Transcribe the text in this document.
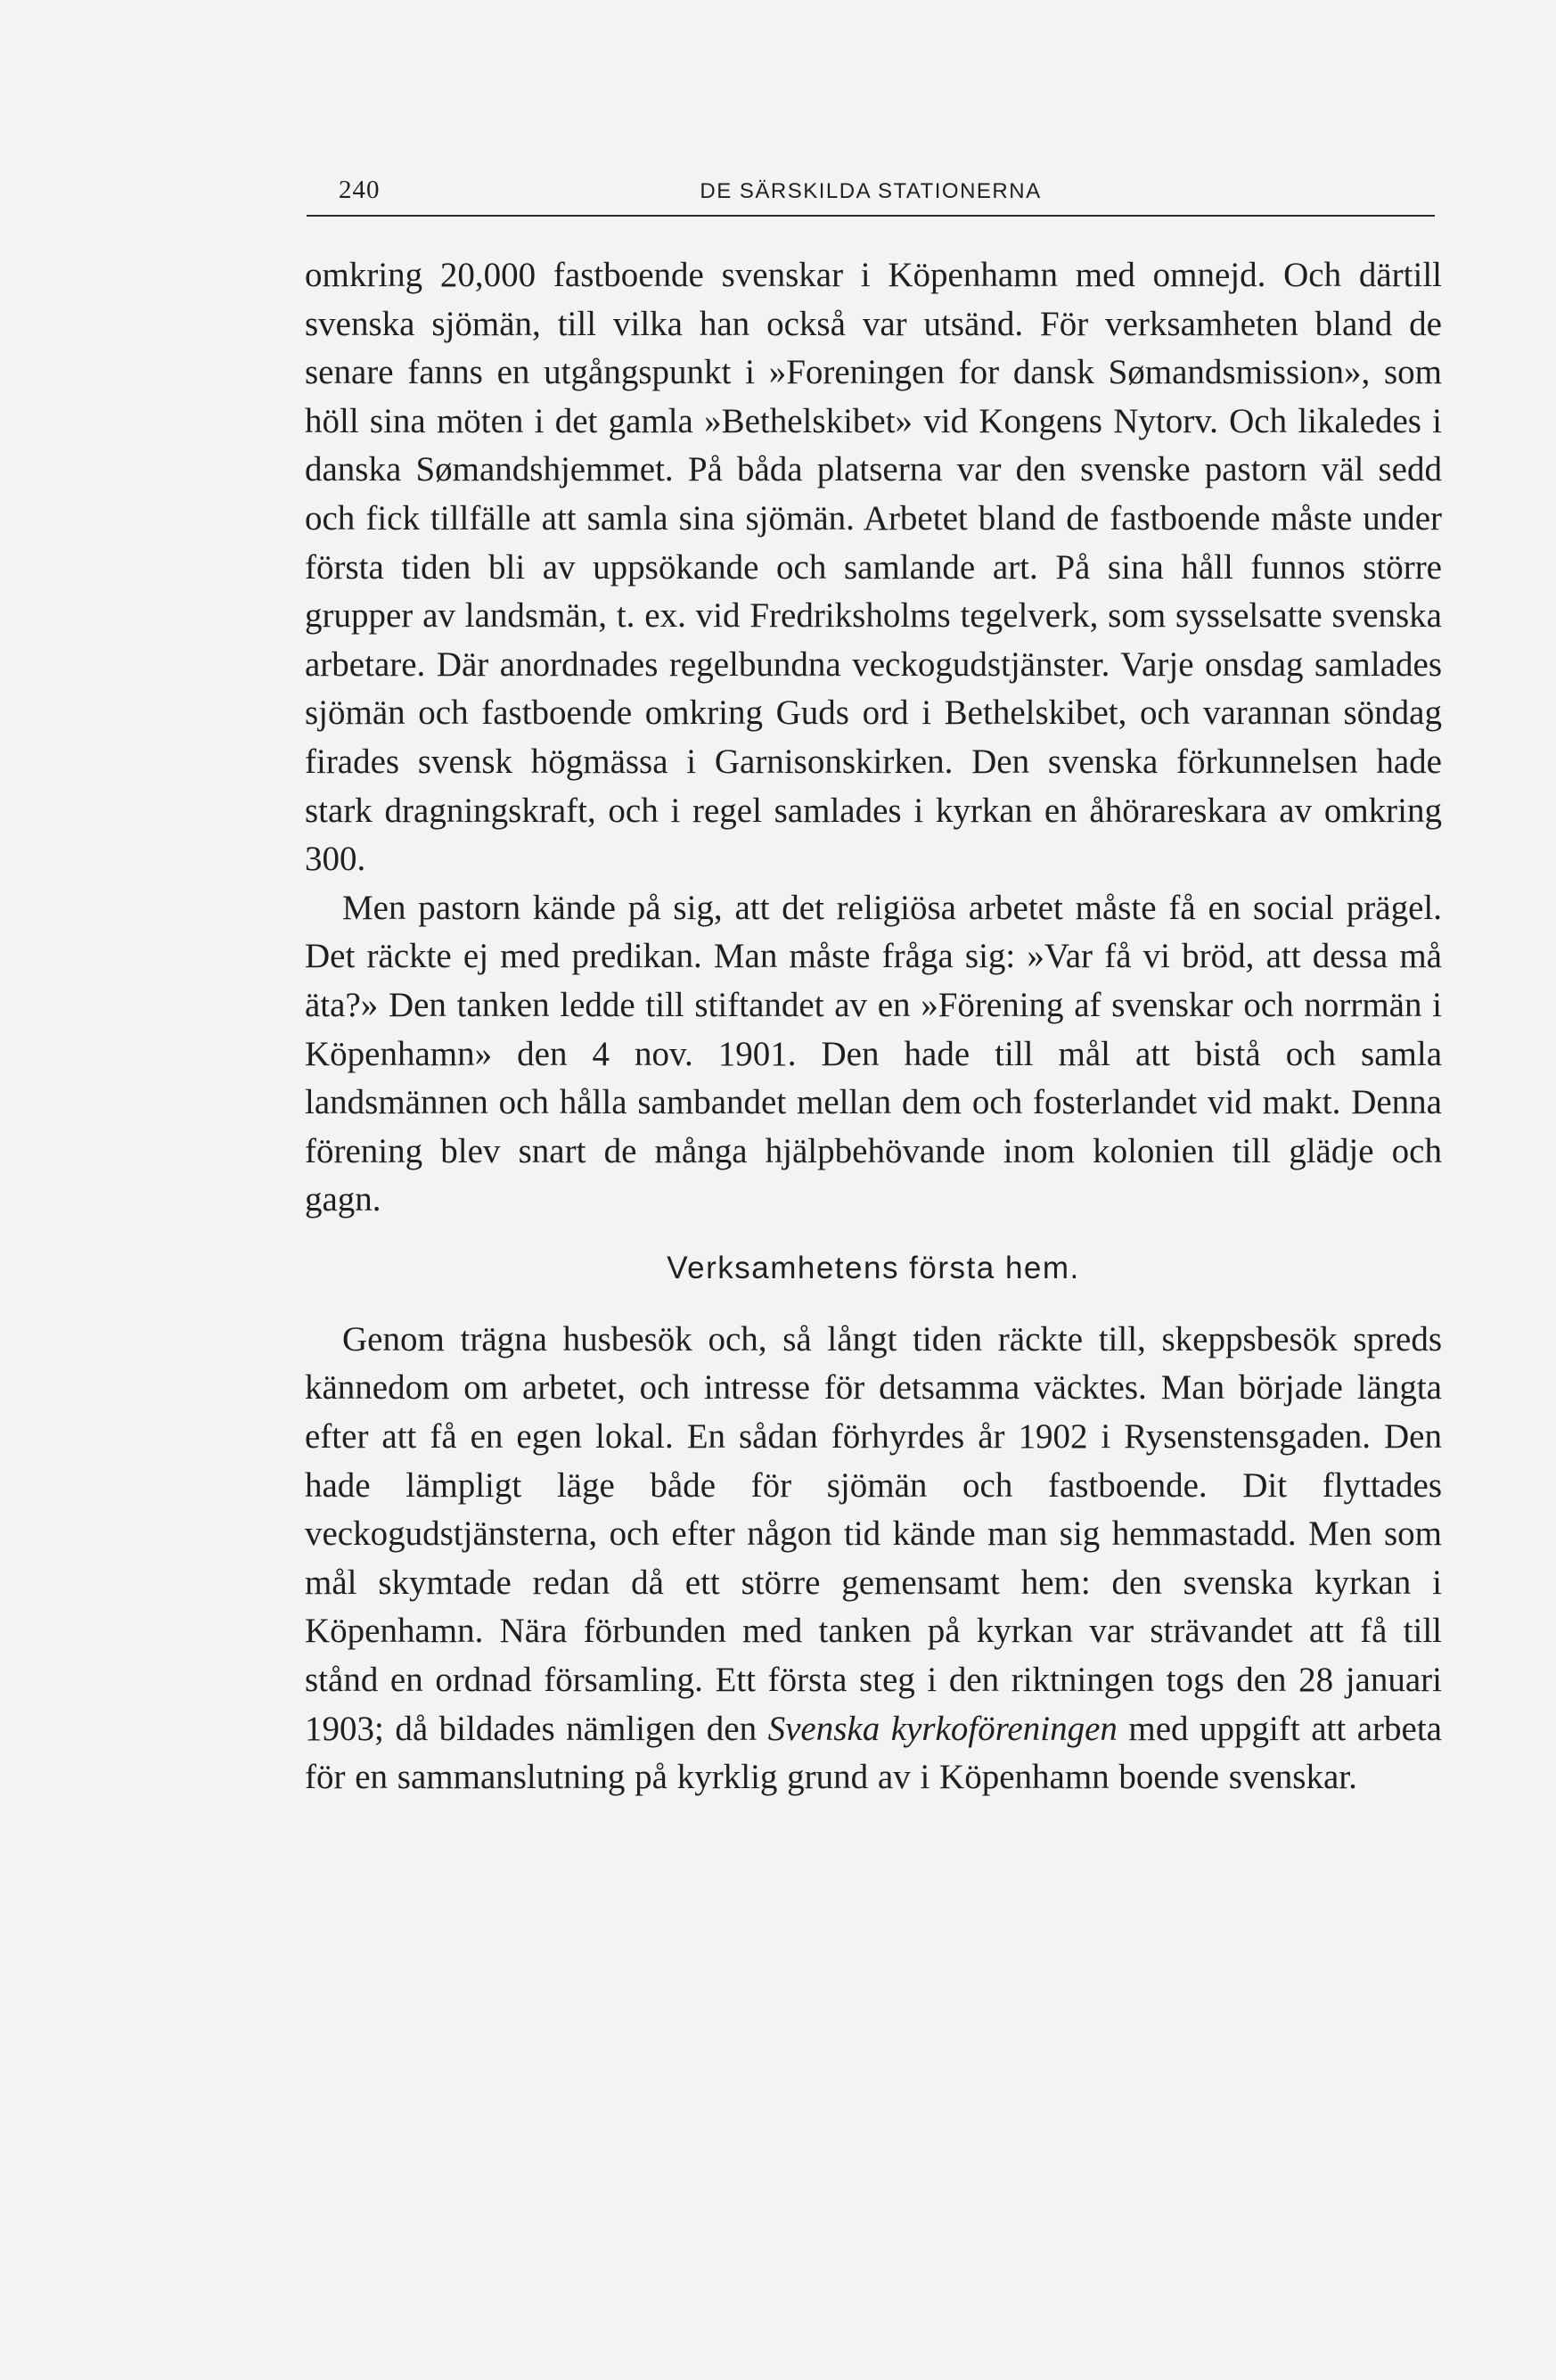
240	DE SÄRSKILDA STATIONERNA

omkring 20,000 fastboende svenskar i Köpenhamn med omnejd. Och därtill svenska sjömän, till vilka han också var utsänd. För verksamheten bland de senare fanns en utgångspunkt i »Foreningen for dansk Sømandsmission», som höll sina möten i det gamla »Bethelskibet» vid Kongens Nytorv. Och likaledes i danska Sømandshjemmet. På båda platserna var den svenske pastorn väl sedd och fick tillfälle att samla sina sjömän. Arbetet bland de fastboende måste under första tiden bli av uppsökande och samlande art. På sina håll funnos större grupper av landsmän, t. ex. vid Fredriksholms tegelverk, som sysselsatte svenska arbetare. Där anordnades regelbundna veckogudstjänster. Varje onsdag samlades sjömän och fastboende omkring Guds ord i Bethelskibet, och varannan söndag firades svensk högmässa i Garnisonskirken. Den svenska förkunnelsen hade stark dragningskraft, och i regel samlades i kyrkan en åhörareskara av omkring 300.

Men pastorn kände på sig, att det religiösa arbetet måste få en social prägel. Det räckte ej med predikan. Man måste fråga sig: »Var få vi bröd, att dessa må äta?» Den tanken ledde till stiftandet av en »Förening af svenskar och norrmän i Köpenhamn» den 4 nov. 1901. Den hade till mål att bistå och samla landsmännen och hålla sambandet mellan dem och fosterlandet vid makt. Denna förening blev snart de många hjälpbehövande inom kolonien till glädje och gagn.

Verksamhetens första hem.

Genom trägna husbesök och, så långt tiden räckte till, skeppsbesök spreds kännedom om arbetet, och intresse för detsamma väcktes. Man började längta efter att få en egen lokal. En sådan förhyrdes år 1902 i Rysenstensgaden. Den hade lämpligt läge både för sjömän och fastboende. Dit flyttades veckogudstjänsterna, och efter någon tid kände man sig hemmastadd. Men som mål skymtade redan då ett större gemensamt hem: den svenska kyrkan i Köpenhamn. Nära förbunden med tanken på kyrkan var strävandet att få till stånd en ordnad församling. Ett första steg i den riktningen togs den 28 januari 1903; då bildades nämligen den Svenska kyrkoföreningen med uppgift att arbeta för en sammanslutning på kyrklig grund av i Köpenhamn boende svenskar.
